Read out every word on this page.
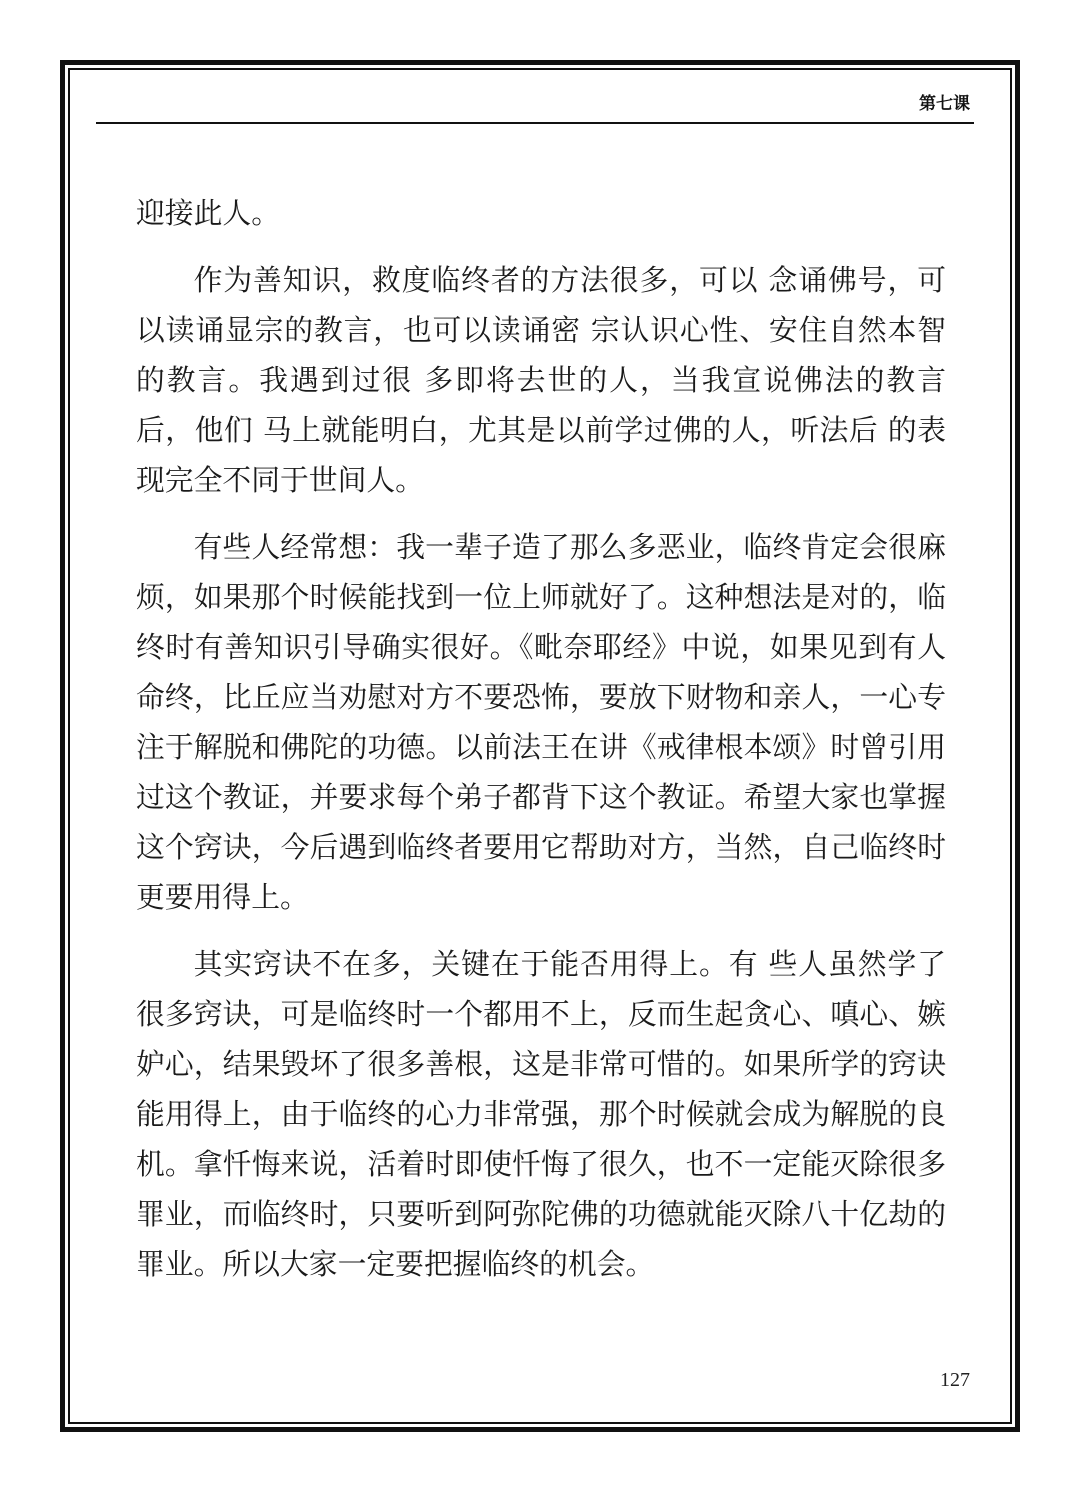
第七课

迎接此人。

作为善知识，救度临终者的方法很多，可以 念诵佛号，可以读诵显宗的教言，也可以读诵密 宗认识心性、安住自然本智的教言。我遇到过很 多即将去世的人，当我宣说佛法的教言后，他们 马上就能明白，尤其是以前学过佛的人，听法后 的表现完全不同于世间人。

有些人经常想：我一辈子造了那么多恶业，临终肯定会很麻烦，如果那个时候能找到一位上师就好了。这种想法是对的，临终时有善知识引导确实很好。《毗奈耶经》中说，如果见到有人命终，比丘应当劝慰对方不要恐怖，要放下财物和亲人，一心专注于解脱和佛陀的功德。以前法王在讲《戒律根本颂》时曾引用过这个教证，并要求每个弟子都背下这个教证。希望大家也掌握这个窍诀，今后遇到临终者要用它帮助对方，当然，自己临终时更要用得上。

其实窍诀不在多，关键在于能否用得上。有 些人虽然学了很多窍诀，可是临终时一个都用不上，反而生起贪心、嗔心、嫉妒心，结果毁坏了很多善根，这是非常可惜的。如果所学的窍诀能用得上，由于临终的心力非常强，那个时候就会成为解脱的良机。拿忏悔来说，活着时即使忏悔了很久，也不一定能灭除很多罪业，而临终时，只要听到阿弥陀佛的功德就能灭除八十亿劫的罪业。所以大家一定要把握临终的机会。

127
